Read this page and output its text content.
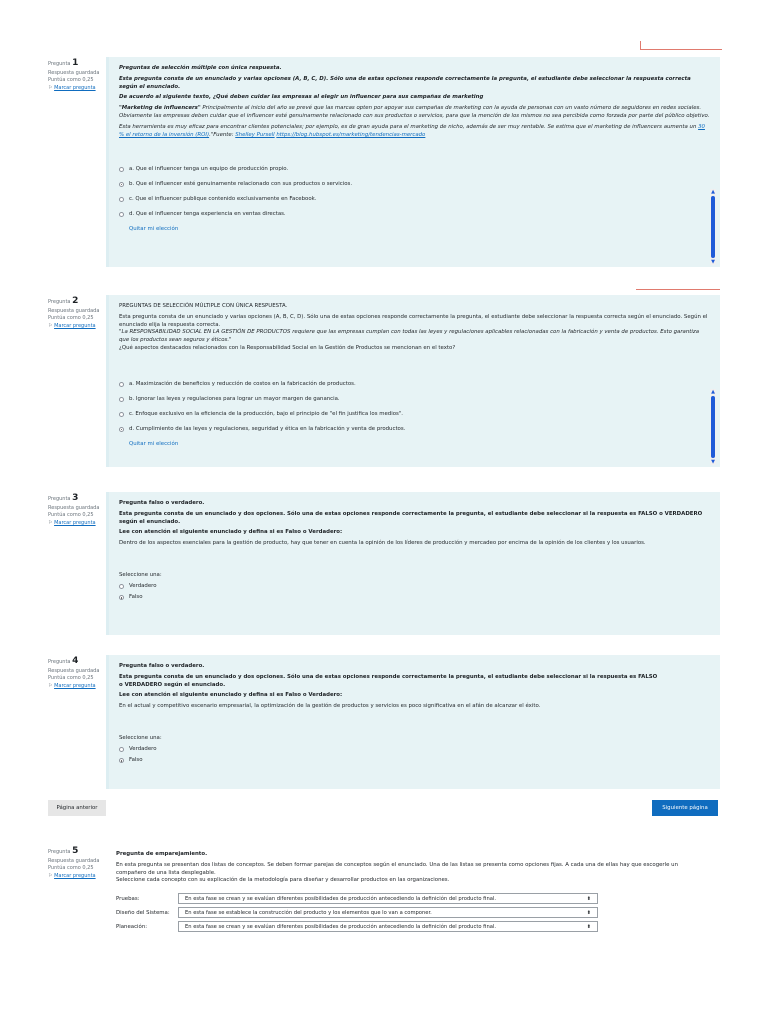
Pregunta 1
Respuesta guardada
Puntúa como 0,25
⚐ Marcar pregunta

Preguntas de selección múltiple con única respuesta.

Esta pregunta consta de un enunciado y varias opciones (A, B, C, D). Sólo una de estas opciones responde correctamente la pregunta, el estudiante debe seleccionar la respuesta correcta según el enunciado.

De acuerdo al siguiente texto, ¿Qué deben cuidar las empresas al elegir un influencer para sus campañas de marketing

"Marketing de influencers" Principalmente al inicio del año se prevé que las marcas opten por apoyar sus campañas de marketing con la ayuda de personas con un vasto número de seguidores en redes sociales. Obviamente las empresas deben cuidar que el influencer esté genuinamente relacionado con sus productos o servicios, para que la mención de los mismos no sea percibida como forzada por parte del público objetivo.

Esta herramienta es muy eficaz para encontrar clientes potenciales; por ejemplo, es de gran ayuda para el marketing de nicho, además de ser muy rentable. Se estima que el marketing de influencers aumenta un 30 % el retorno de la inversión (ROI)."Fuente: Shelley Pursell https://blog.hubspot.es/marketing/tendencias-mercado

a. Que el influencer tenga un equipo de producción propio.
b. Que el influencer esté genuinamente relacionado con sus productos o servicios.
c. Que el influencer publique contenido exclusivamente en Facebook.
d. Que el influencer tenga experiencia en ventas directas.
Quitar mi elección
▲
▼
Pregunta 2
Respuesta guardada
Puntúa como 0,25
⚐ Marcar pregunta

PREGUNTAS DE SELECCIÓN MÚLTIPLE CON ÚNICA RESPUESTA.

Esta pregunta consta de un enunciado y varias opciones (A, B, C, D). Sólo una de estas opciones responde correctamente la pregunta, el estudiante debe seleccionar la respuesta correcta según el enunciado. Según el enunciado elija la respuesta correcta.

"La RESPONSABILIDAD SOCIAL EN LA GESTIÓN DE PRODUCTOS requiere que las empresas cumplan con todas las leyes y regulaciones aplicables relacionadas con la fabricación y venta de productos. Esto garantiza que los productos sean seguros y éticos."

¿Qué aspectos destacados relacionados con la Responsabilidad Social en la Gestión de Productos se mencionan en el texto?

a. Maximización de beneficios y reducción de costos en la fabricación de productos.
b. Ignorar las leyes y regulaciones para lograr un mayor margen de ganancia.
c. Enfoque exclusivo en la eficiencia de la producción, bajo el principio de "el fin justifica los medios".
d. Cumplimiento de las leyes y regulaciones, seguridad y ética en la fabricación y venta de productos.
Quitar mi elección
▲
▼
Pregunta 3
Respuesta guardada
Puntúa como 0,25
⚐ Marcar pregunta

Pregunta falso o verdadero.

Esta pregunta consta de un enunciado y dos opciones. Sólo una de estas opciones responde correctamente la pregunta, el estudiante debe seleccionar si la respuesta es FALSO o VERDADERO según el enunciado.

Lee con atención el siguiente enunciado y defina si es Falso o Verdadero:

Dentro de los aspectos esenciales para la gestión de producto, hay que tener en cuenta la opinión de los líderes de producción y mercadeo por encima de la opinión de los clientes y los usuarios.

Seleccione una:
Verdadero
Falso
Pregunta 4
Respuesta guardada
Puntúa como 0,25
⚐ Marcar pregunta

Pregunta falso o verdadero.

Esta pregunta consta de un enunciado y dos opciones. Sólo una de estas opciones responde correctamente la pregunta, el estudiante debe seleccionar si la respuesta es FALSO o VERDADERO según el enunciado.

Lee con atención el siguiente enunciado y defina si es Falso o Verdadero:

En el actual y competitivo escenario empresarial, la optimización de la gestión de productos y servicios es poco significativa en el afán de alcanzar el éxito.

Seleccione una:
Verdadero
Falso
Página anterior	Siguiente página
Pregunta 5
Respuesta guardada
Puntúa como 0,25
⚐ Marcar pregunta

Pregunta de emparejamiento.

En esta pregunta se presentan dos listas de conceptos. Se deben formar parejas de conceptos según el enunciado. Una de las listas se presenta como opciones fijas. A cada una de ellas hay que escogerle un compañero de una lista desplegable.

Seleccione cada concepto con su explicación de la metodología para diseñar y desarrollar productos en las organizaciones.

Pruebas:	En esta fase se crean y se evalúan diferentes posibilidades de producción antecediendo la definición del producto final.	⬍
Diseño del Sistema:	En esta fase se establece la construcción del producto y los elementos que lo van a componer.	⬍
Planeación:	En esta fase se crean y se evalúan diferentes posibilidades de producción antecediendo la definición del producto final.	⬍
